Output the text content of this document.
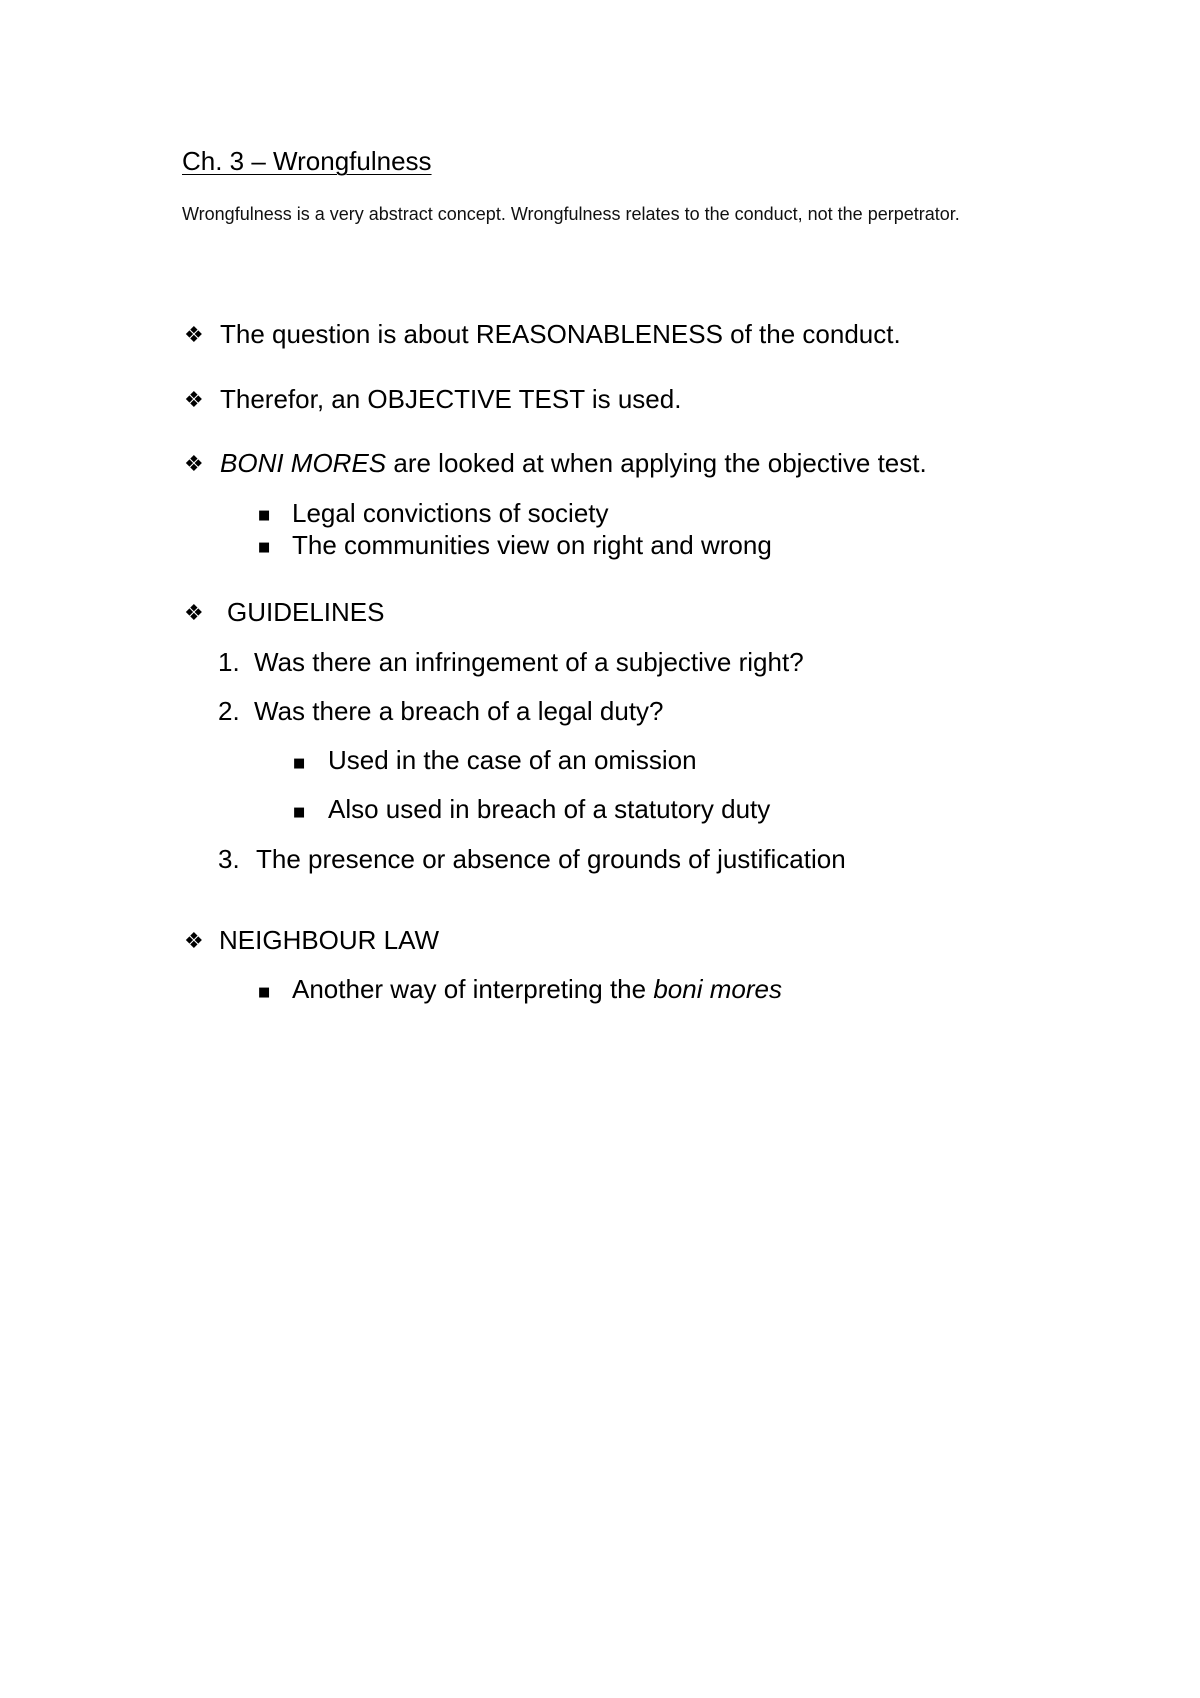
Ch. 3 – Wrongfulness
Wrongfulness is a very abstract concept. Wrongfulness relates to the conduct, not the perpetrator.
❖ The question is about REASONABLENESS of the conduct.
❖ Therefor, an OBJECTIVE TEST is used.
❖ BONI MORES are looked at when applying the objective test.
■ Legal convictions of society
■ The communities view on right and wrong
❖ GUIDELINES
1. Was there an infringement of a subjective right?
2. Was there a breach of a legal duty?
■ Used in the case of an omission
■ Also used in breach of a statutory duty
3. The presence or absence of grounds of justification
❖ NEIGHBOUR LAW
■ Another way of interpreting the boni mores
